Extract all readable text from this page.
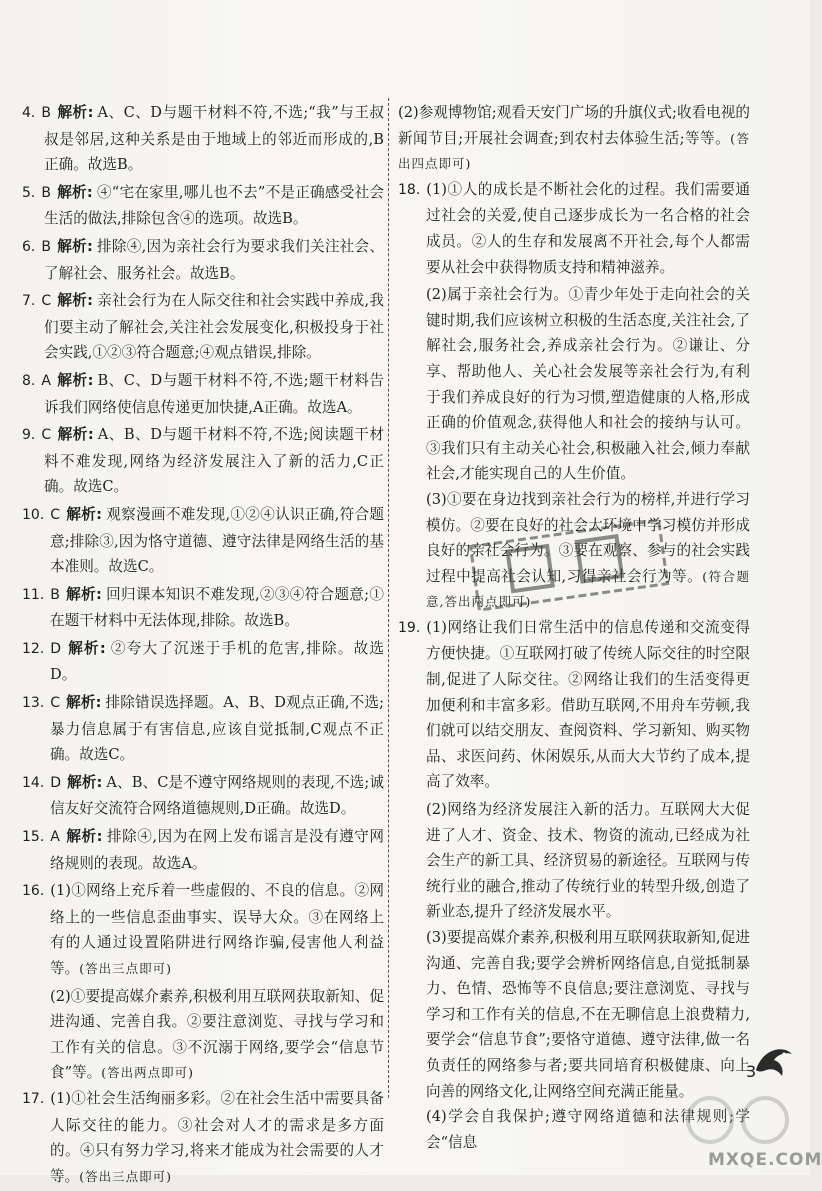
4. B 解析: A、C、D与题干材料不符,不选;“我”与王叔叔是邻居,这种关系是由于地域上的邻近而形成的,B正确。故选B。

5. B 解析: ④“宅在家里,哪儿也不去”不是正确感受社会生活的做法,排除包含④的选项。故选B。

6. B 解析: 排除④,因为亲社会行为要求我们关注社会、了解社会、服务社会。故选B。

7. C 解析: 亲社会行为在人际交往和社会实践中养成,我们要主动了解社会,关注社会发展变化,积极投身于社会实践,①②③符合题意;④观点错误,排除。

8. A 解析: B、C、D与题干材料不符,不选;题干材料告诉我们网络使信息传递更加快捷,A正确。故选A。

9. C 解析: A、B、D与题干材料不符,不选;阅读题干材料不难发现,网络为经济发展注入了新的活力,C正确。故选C。

10. C 解析: 观察漫画不难发现,①②④认识正确,符合题意;排除③,因为恪守道德、遵守法律是网络生活的基本准则。故选C。

11. B 解析: 回归课本知识不难发现,②③④符合题意;①在题干材料中无法体现,排除。故选B。

12. D 解析: ②夸大了沉迷于手机的危害,排除。故选D。

13. C 解析: 排除错误选择题。A、B、D观点正确,不选;暴力信息属于有害信息,应该自觉抵制,C观点不正确。故选C。

14. D 解析: A、B、C是不遵守网络规则的表现,不选;诚信友好交流符合网络道德规则,D正确。故选D。

15. A 解析: 排除④,因为在网上发布谣言是没有遵守网络规则的表现。故选A。

16. (1)①网络上充斥着一些虚假的、不良的信息。②网络上的一些信息歪曲事实、误导大众。③在网络上有的人通过设置陷阱进行网络诈骗,侵害他人利益等。(答出三点即可)

(2)①要提高媒介素养,积极利用互联网获取新知、促进沟通、完善自我。②要注意浏览、寻找与学习和工作有关的信息。③不沉溺于网络,要学会“信息节食”等。(答出两点即可)

17. (1)①社会生活绚丽多彩。②在社会生活中需要具备人际交往的能力。③社会对人才的需求是多方面的。④只有努力学习,将来才能成为社会需要的人才等。(答出三点即可)

(2)参观博物馆;观看天安门广场的升旗仪式;收看电视的新闻节目;开展社会调查;到农村去体验生活;等等。(答出四点即可)

18. (1)①人的成长是不断社会化的过程。我们需要通过社会的关爱,使自己逐步成长为一名合格的社会成员。②人的生存和发展离不开社会,每个人都需要从社会中获得物质支持和精神滋养。

(2)属于亲社会行为。①青少年处于走向社会的关键时期,我们应该树立积极的生活态度,关注社会,了解社会,服务社会,养成亲社会行为。②谦让、分享、帮助他人、关心社会发展等亲社会行为,有利于我们养成良好的行为习惯,塑造健康的人格,形成正确的价值观念,获得他人和社会的接纳与认可。③我们只有主动关心社会,积极融入社会,倾力奉献社会,才能实现自己的人生价值。

(3)①要在身边找到亲社会行为的榜样,并进行学习模仿。②要在良好的社会大环境中学习模仿并形成良好的亲社会行为。③要在观察、参与的社会实践过程中提高社会认知,习得亲社会行为等。(符合题意,答出两点即可)

19. (1)网络让我们日常生活中的信息传递和交流变得方便快捷。①互联网打破了传统人际交往的时空限制,促进了人际交往。②网络让我们的生活变得更加便利和丰富多彩。借助互联网,不用舟车劳顿,我们就可以结交朋友、查阅资料、学习新知、购买物品、求医问药、休闲娱乐,从而大大节约了成本,提高了效率。

(2)网络为经济发展注入新的活力。互联网大大促进了人才、资金、技术、物资的流动,已经成为社会生产的新工具、经济贸易的新途径。互联网与传统行业的融合,推动了传统行业的转型升级,创造了新业态,提升了经济发展水平。

(3)要提高媒介素养,积极利用互联网获取新知,促进沟通、完善自我;要学会辨析网络信息,自觉抵制暴力、色情、恐怖等不良信息;要注意浏览、寻找与学习和工作有关的信息,不在无聊信息上浪费精力,要学会“信息节食”;要恪守道德、遵守法律,做一名负责任的网络参与者;要共同培育积极健康、向上向善的网络文化,让网络空间充满正能量。

(4)学会自我保护;遵守网络道德和法律规则;学会“信息

3
MXQE.COM
